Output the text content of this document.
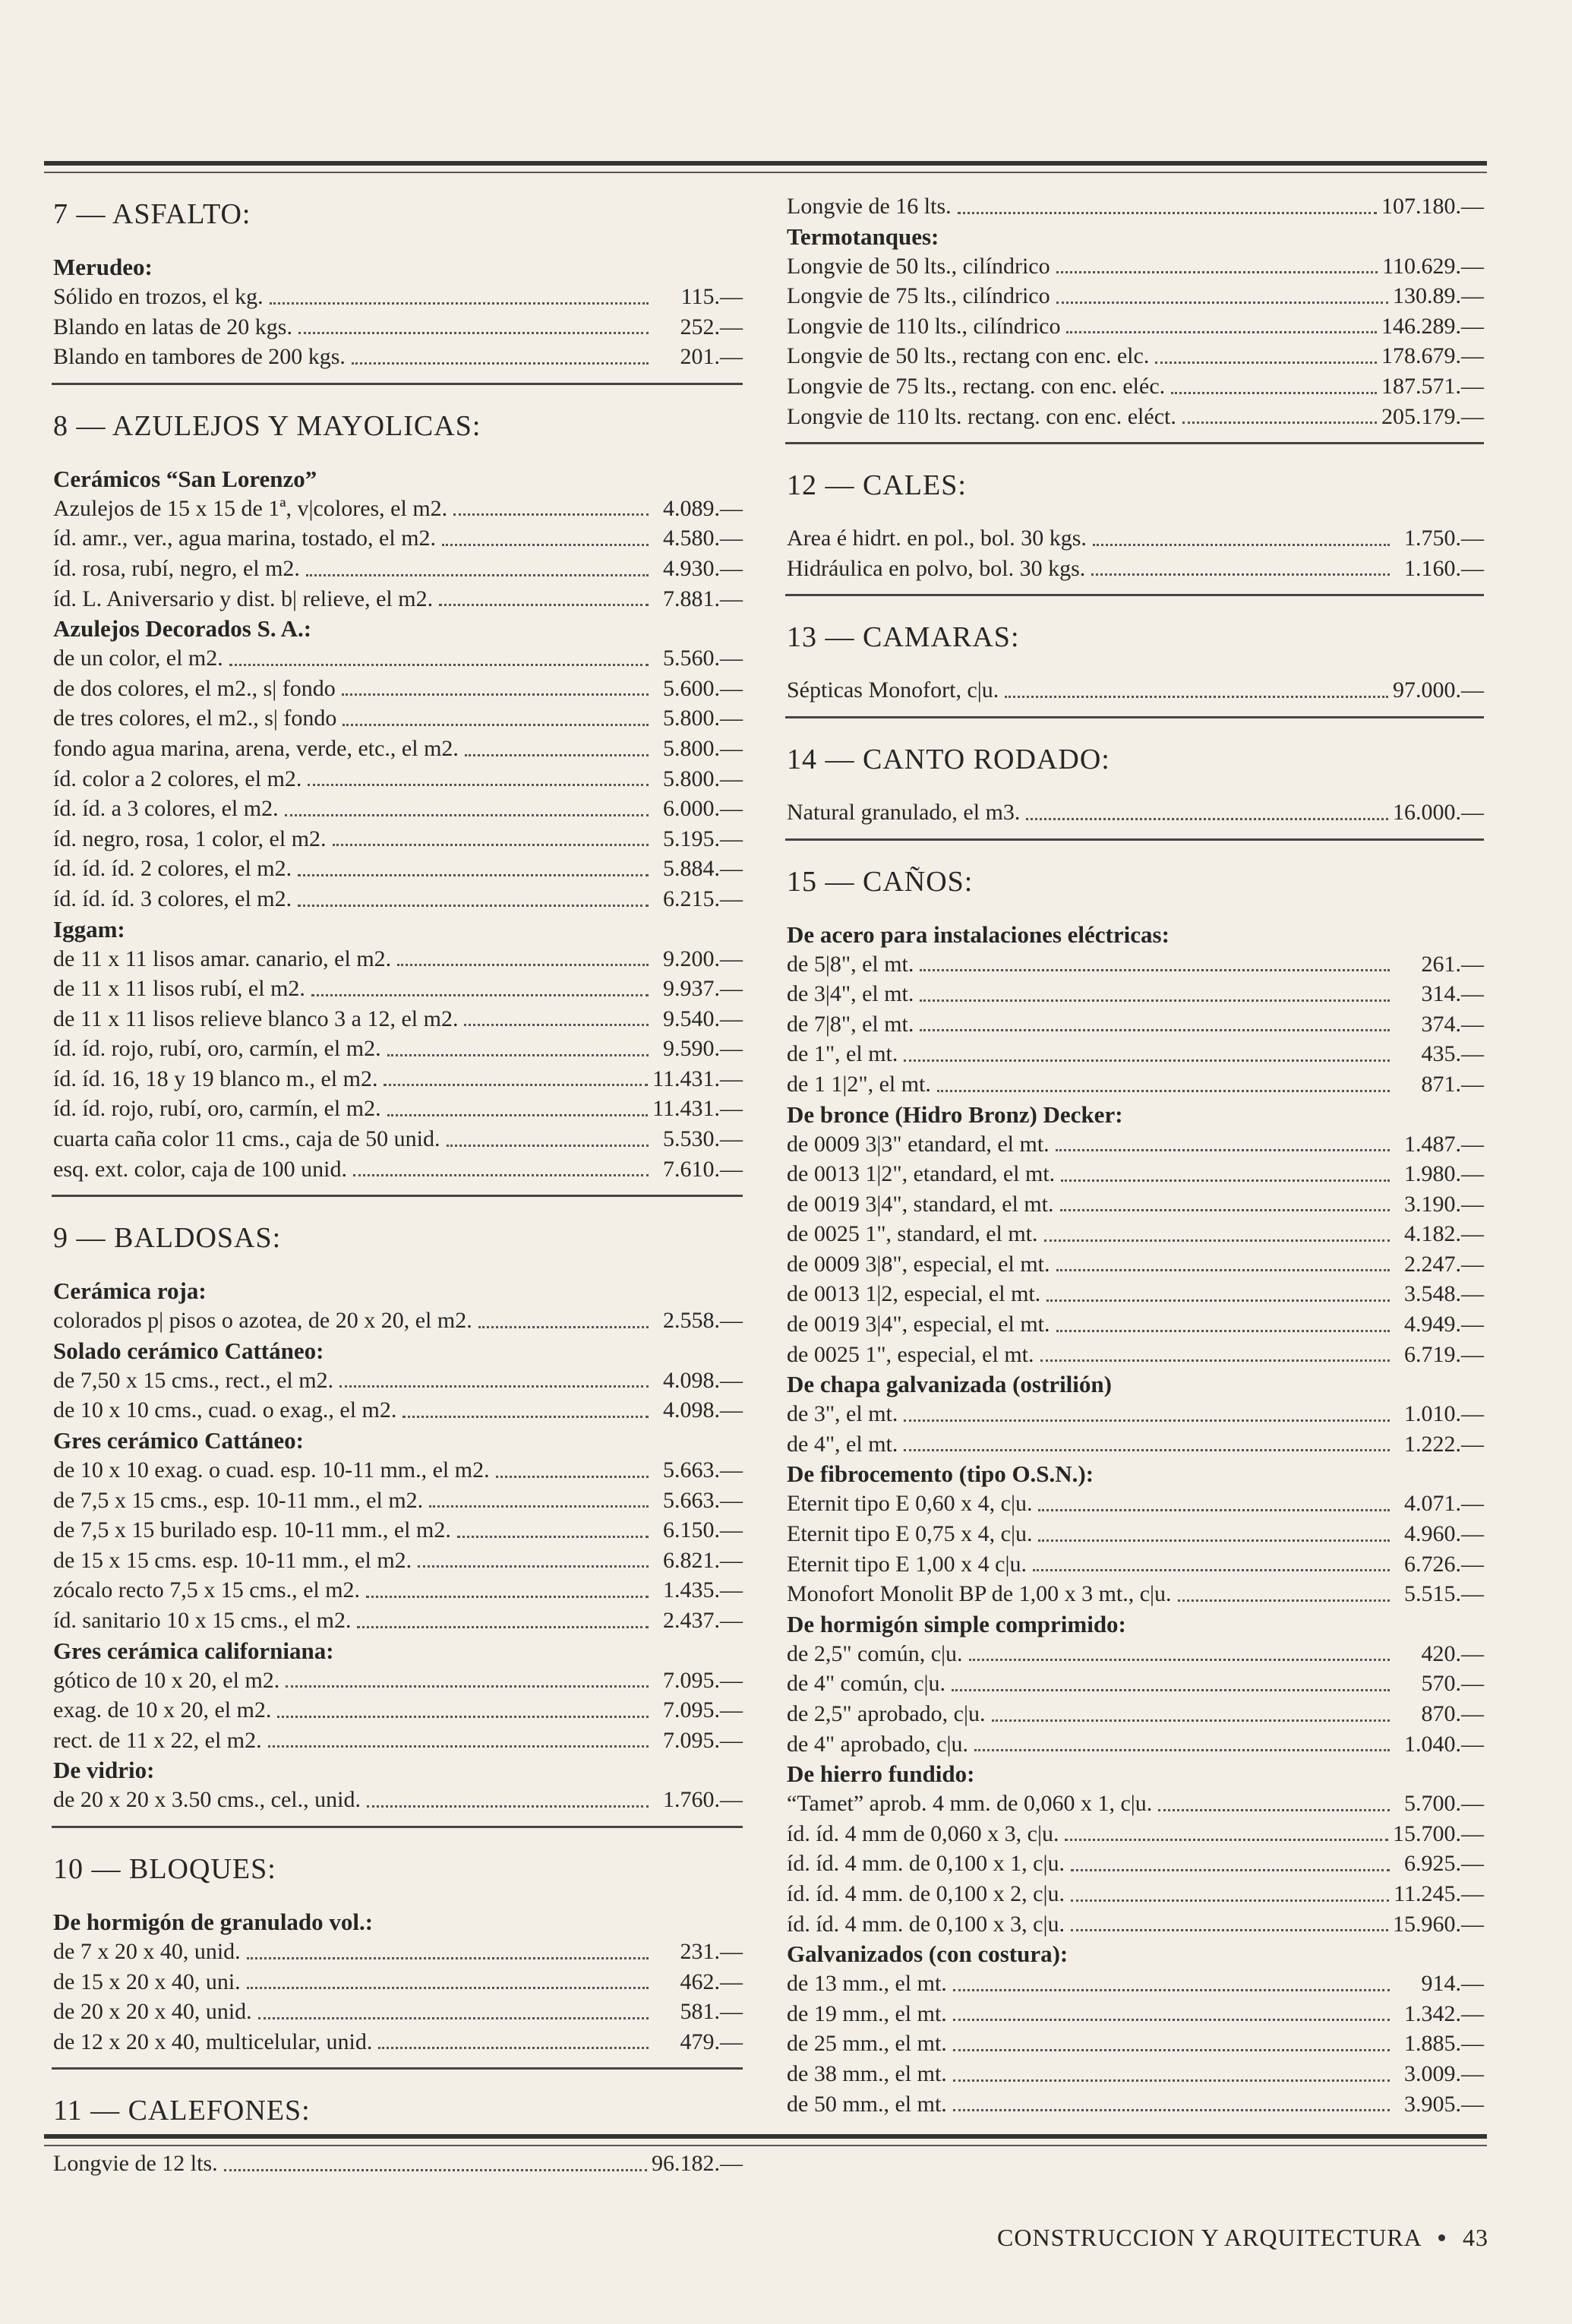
7 — ASFALTO:
Merudeo:
Sólido en trozos, el kg.	115.—
Blando en latas de 20 kgs.	252.—
Blando en tambores de 200 kgs.	201.—
8 — AZULEJOS Y MAYOLICAS:
Cerámicos “San Lorenzo”
Azulejos de 15 x 15 de 1ª, v|colores, el m2.	4.089.—
íd. amr., ver., agua marina, tostado, el m2.	4.580.—
íd. rosa, rubí, negro, el m2.	4.930.—
íd. L. Aniversario y dist. b| relieve, el m2.	7.881.—
Azulejos Decorados S. A.:
de un color, el m2.	5.560.—
de dos colores, el m2., s| fondo	5.600.—
de tres colores, el m2., s| fondo	5.800.—
fondo agua marina, arena, verde, etc., el m2.	5.800.—
íd. color a 2 colores, el m2.	5.800.—
íd. íd. a 3 colores, el m2.	6.000.—
íd. negro, rosa, 1 color, el m2.	5.195.—
íd. íd. íd. 2 colores, el m2.	5.884.—
íd. íd. íd. 3 colores, el m2.	6.215.—
Iggam:
de 11 x 11 lisos amar. canario, el m2.	9.200.—
de 11 x 11 lisos rubí, el m2.	9.937.—
de 11 x 11 lisos relieve blanco 3 a 12, el m2.	9.540.—
íd. íd. rojo, rubí, oro, carmín, el m2.	9.590.—
íd. íd. 16, 18 y 19 blanco m., el m2.	11.431.—
íd. íd. rojo, rubí, oro, carmín, el m2.	11.431.—
cuarta caña color 11 cms., caja de 50 unid.	5.530.—
esq. ext. color, caja de 100 unid.	7.610.—
9 — BALDOSAS:
Cerámica roja:
colorados p| pisos o azotea, de 20 x 20, el m2.	2.558.—
Solado cerámico Cattáneo:
de 7,50 x 15 cms., rect., el m2.	4.098.—
de 10 x 10 cms., cuad. o exag., el m2.	4.098.—
Gres cerámico Cattáneo:
de 10 x 10 exag. o cuad. esp. 10-11 mm., el m2.	5.663.—
de 7,5 x 15 cms., esp. 10-11 mm., el m2.	5.663.—
de 7,5 x 15 burilado esp. 10-11 mm., el m2.	6.150.—
de 15 x 15 cms. esp. 10-11 mm., el m2.	6.821.—
zócalo recto 7,5 x 15 cms., el m2.	1.435.—
íd. sanitario 10 x 15 cms., el m2.	2.437.—
Gres cerámica californiana:
gótico de 10 x 20, el m2.	7.095.—
exag. de 10 x 20, el m2.	7.095.—
rect. de 11 x 22, el m2.	7.095.—
De vidrio:
de 20 x 20 x 3.50 cms., cel., unid.	1.760.—
10 — BLOQUES:
De hormigón de granulado vol.:
de 7 x 20 x 40, unid.	231.—
de 15 x 20 x 40, uni.	462.—
de 20 x 20 x 40, unid.	581.—
de 12 x 20 x 40, multicelular, unid.	479.—
11 — CALEFONES:
Longvie de 12 lts.	96.182.—
Longvie de 16 lts.	107.180.—
Termotanques:
Longvie de 50 lts., cilíndrico	110.629.—
Longvie de 75 lts., cilíndrico	130.89.—
Longvie de 110 lts., cilíndrico	146.289.—
Longvie de 50 lts., rectang con enc. elc.	178.679.—
Longvie de 75 lts., rectang. con enc. eléc.	187.571.—
Longvie de 110 lts. rectang. con enc. eléct.	205.179.—
12 — CALES:
Area é hidrt. en pol., bol. 30 kgs.	1.750.—
Hidráulica en polvo, bol. 30 kgs.	1.160.—
13 — CAMARAS:
Sépticas Monofort, c|u.	97.000.—
14 — CANTO RODADO:
Natural granulado, el m3.	16.000.—
15 — CAÑOS:
De acero para instalaciones eléctricas:
de 5|8", el mt.	261.—
de 3|4", el mt.	314.—
de 7|8", el mt.	374.—
de 1", el mt.	435.—
de 1 1|2", el mt.	871.—
De bronce (Hidro Bronz) Decker:
de 0009 3|3" etandard, el mt.	1.487.—
de 0013 1|2", etandard, el mt.	1.980.—
de 0019 3|4", standard, el mt.	3.190.—
de 0025 1", standard, el mt.	4.182.—
de 0009 3|8", especial, el mt.	2.247.—
de 0013 1|2, especial, el mt.	3.548.—
de 0019 3|4", especial, el mt.	4.949.—
de 0025 1", especial, el mt.	6.719.—
De chapa galvanizada (ostrilión)
de 3", el mt.	1.010.—
de 4", el mt.	1.222.—
De fibrocemento (tipo O.S.N.):
Eternit tipo E 0,60 x 4, c|u.	4.071.—
Eternit tipo E 0,75 x 4, c|u.	4.960.—
Eternit tipo E 1,00 x 4 c|u.	6.726.—
Monofort Monolit BP de 1,00 x 3 mt., c|u.	5.515.—
De hormigón simple comprimido:
de 2,5" común, c|u.	420.—
de 4" común, c|u.	570.—
de 2,5" aprobado, c|u.	870.—
de 4" aprobado, c|u.	1.040.—
De hierro fundido:
“Tamet” aprob. 4 mm. de 0,060 x 1, c|u.	5.700.—
íd. íd. 4 mm de 0,060 x 3, c|u.	15.700.—
íd. íd. 4 mm. de 0,100 x 1, c|u.	6.925.—
íd. íd. 4 mm. de 0,100 x 2, c|u.	11.245.—
íd. íd. 4 mm. de 0,100 x 3, c|u.	15.960.—
Galvanizados (con costura):
de 13 mm., el mt.	914.—
de 19 mm., el mt.	1.342.—
de 25 mm., el mt.	1.885.—
de 38 mm., el mt.	3.009.—
de 50 mm., el mt.	3.905.—
CONSTRUCCION Y ARQUITECTURA 43
